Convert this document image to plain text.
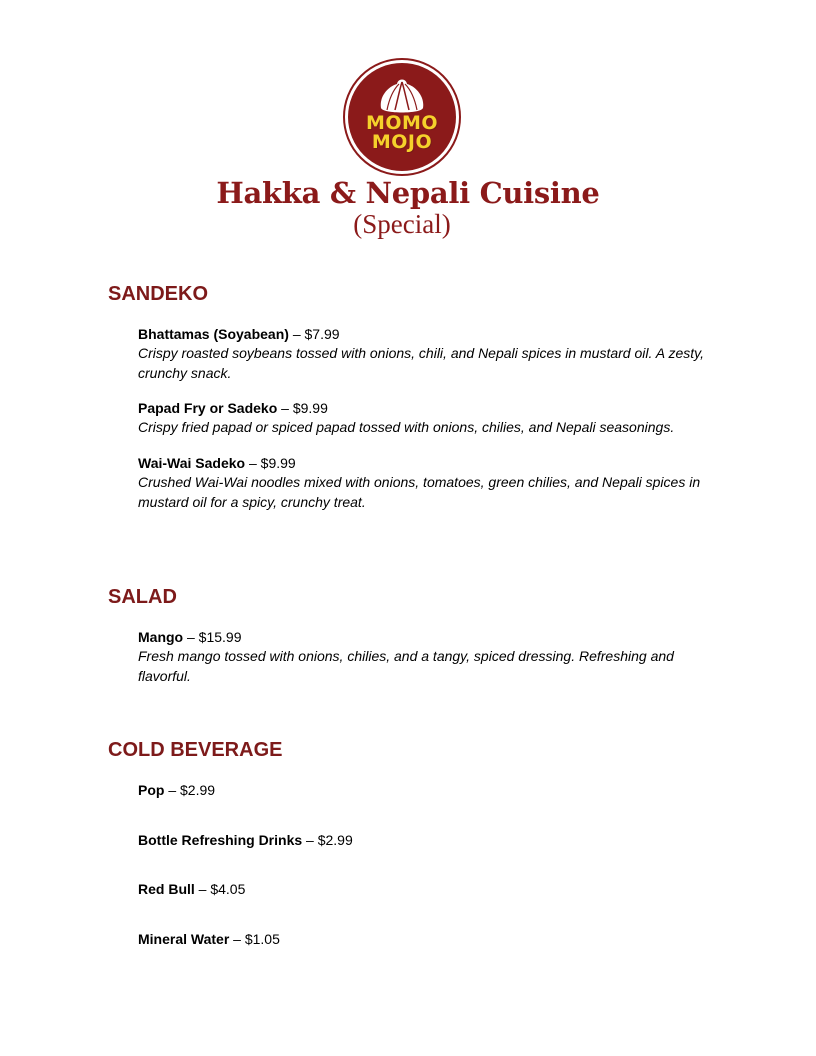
MOMO
MOJO
Hakka & Nepali Cuisine
(Special)
SANDEKO
Bhattamas (Soyabean) – $7.99
Crispy roasted soybeans tossed with onions, chili, and Nepali spices in mustard oil. A zesty, crunchy snack.
Papad Fry or Sadeko – $9.99
Crispy fried papad or spiced papad tossed with onions, chilies, and Nepali seasonings.
Wai-Wai Sadeko – $9.99
Crushed Wai-Wai noodles mixed with onions, tomatoes, green chilies, and Nepali spices in mustard oil for a spicy, crunchy treat.
SALAD
Mango – $15.99
Fresh mango tossed with onions, chilies, and a tangy, spiced dressing. Refreshing and flavorful.
COLD BEVERAGE
Pop – $2.99
Bottle Refreshing Drinks – $2.99
Red Bull – $4.05
Mineral Water – $1.05
